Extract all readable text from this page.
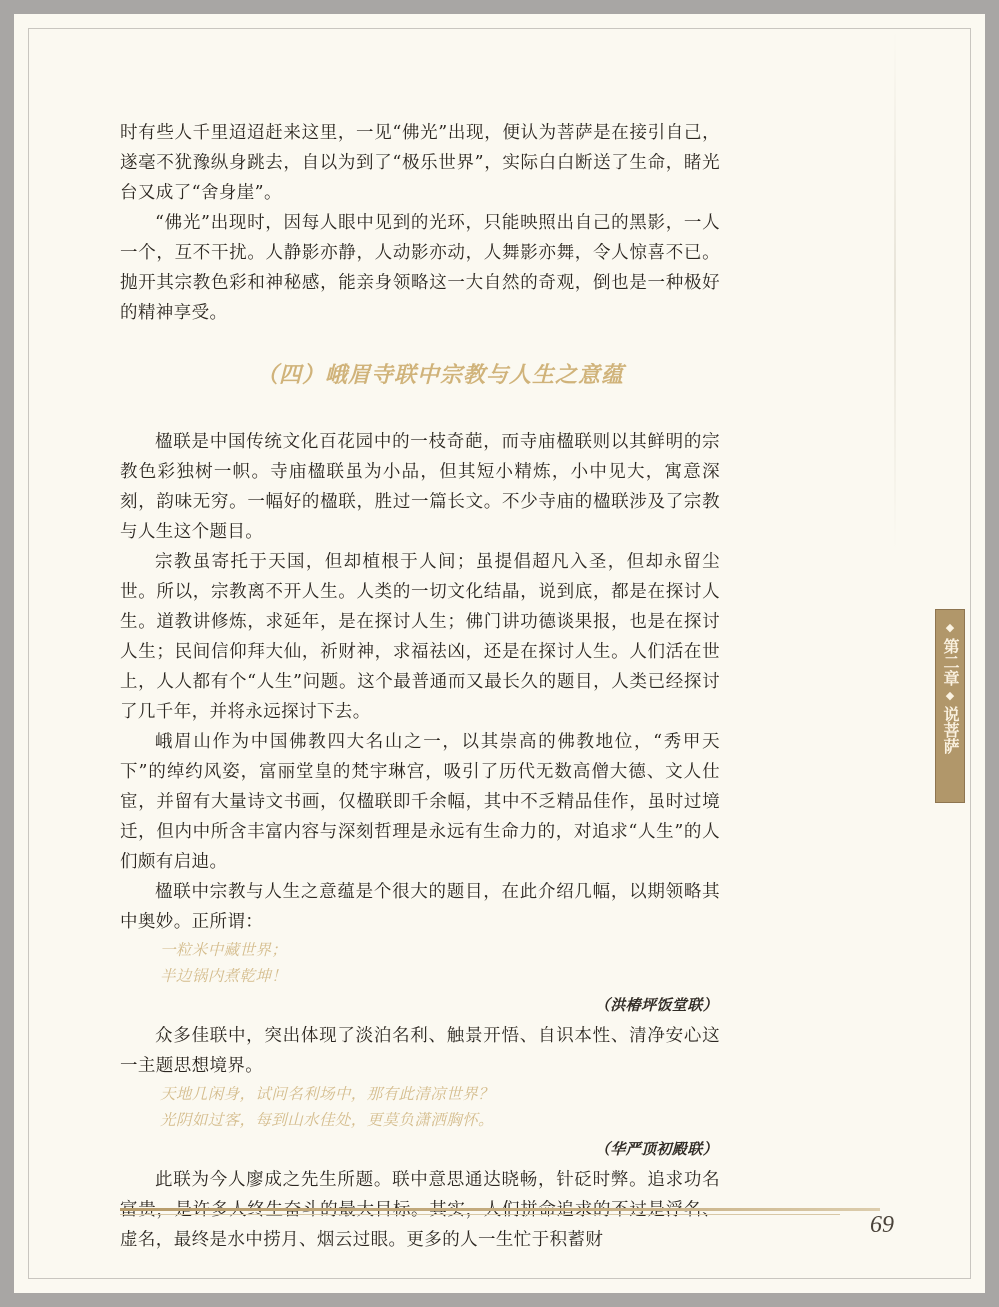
时有些人千里迢迢赶来这里，一见“佛光”出现，便认为菩萨是在接引自己，遂毫不犹豫纵身跳去，自以为到了“极乐世界”，实际白白断送了生命，睹光台又成了“舍身崖”。

“佛光”出现时，因每人眼中见到的光环，只能映照出自己的黑影，一人一个，互不干扰。人静影亦静，人动影亦动，人舞影亦舞，令人惊喜不已。抛开其宗教色彩和神秘感，能亲身领略这一大自然的奇观，倒也是一种极好的精神享受。

（四）峨眉寺联中宗教与人生之意蕴

楹联是中国传统文化百花园中的一枝奇葩，而寺庙楹联则以其鲜明的宗教色彩独树一帜。寺庙楹联虽为小品，但其短小精炼，小中见大，寓意深刻，韵味无穷。一幅好的楹联，胜过一篇长文。不少寺庙的楹联涉及了宗教与人生这个题目。

宗教虽寄托于天国，但却植根于人间；虽提倡超凡入圣，但却永留尘世。所以，宗教离不开人生。人类的一切文化结晶，说到底，都是在探讨人生。道教讲修炼，求延年，是在探讨人生；佛门讲功德谈果报，也是在探讨人生；民间信仰拜大仙，祈财神，求福祛凶，还是在探讨人生。人们活在世上，人人都有个“人生”问题。这个最普通而又最长久的题目，人类已经探讨了几千年，并将永远探讨下去。

峨眉山作为中国佛教四大名山之一，以其崇高的佛教地位，“秀甲天下”的绰约风姿，富丽堂皇的梵宇琳宫，吸引了历代无数高僧大德、文人仕宦，并留有大量诗文书画，仅楹联即千余幅，其中不乏精品佳作，虽时过境迁，但内中所含丰富内容与深刻哲理是永远有生命力的，对追求“人生”的人们颇有启迪。

楹联中宗教与人生之意蕴是个很大的题目，在此介绍几幅，以期领略其中奥妙。正所谓：

一粒米中藏世界；
半边锅内煮乾坤！
（洪椿坪饭堂联）

众多佳联中，突出体现了淡泊名利、触景开悟、自识本性、清净安心这一主题思想境界。

天地几闲身，试问名利场中，那有此清凉世界？
光阴如过客，每到山水佳处，更莫负潇洒胸怀。
（华严顶初殿联）

此联为今人廖成之先生所题。联中意思通达晓畅，针砭时弊。追求功名 虚名，最终是水中捞月、烟云过眼。更多的人一生忙于积蓄财

◆
第二章
◆
说菩萨
69
